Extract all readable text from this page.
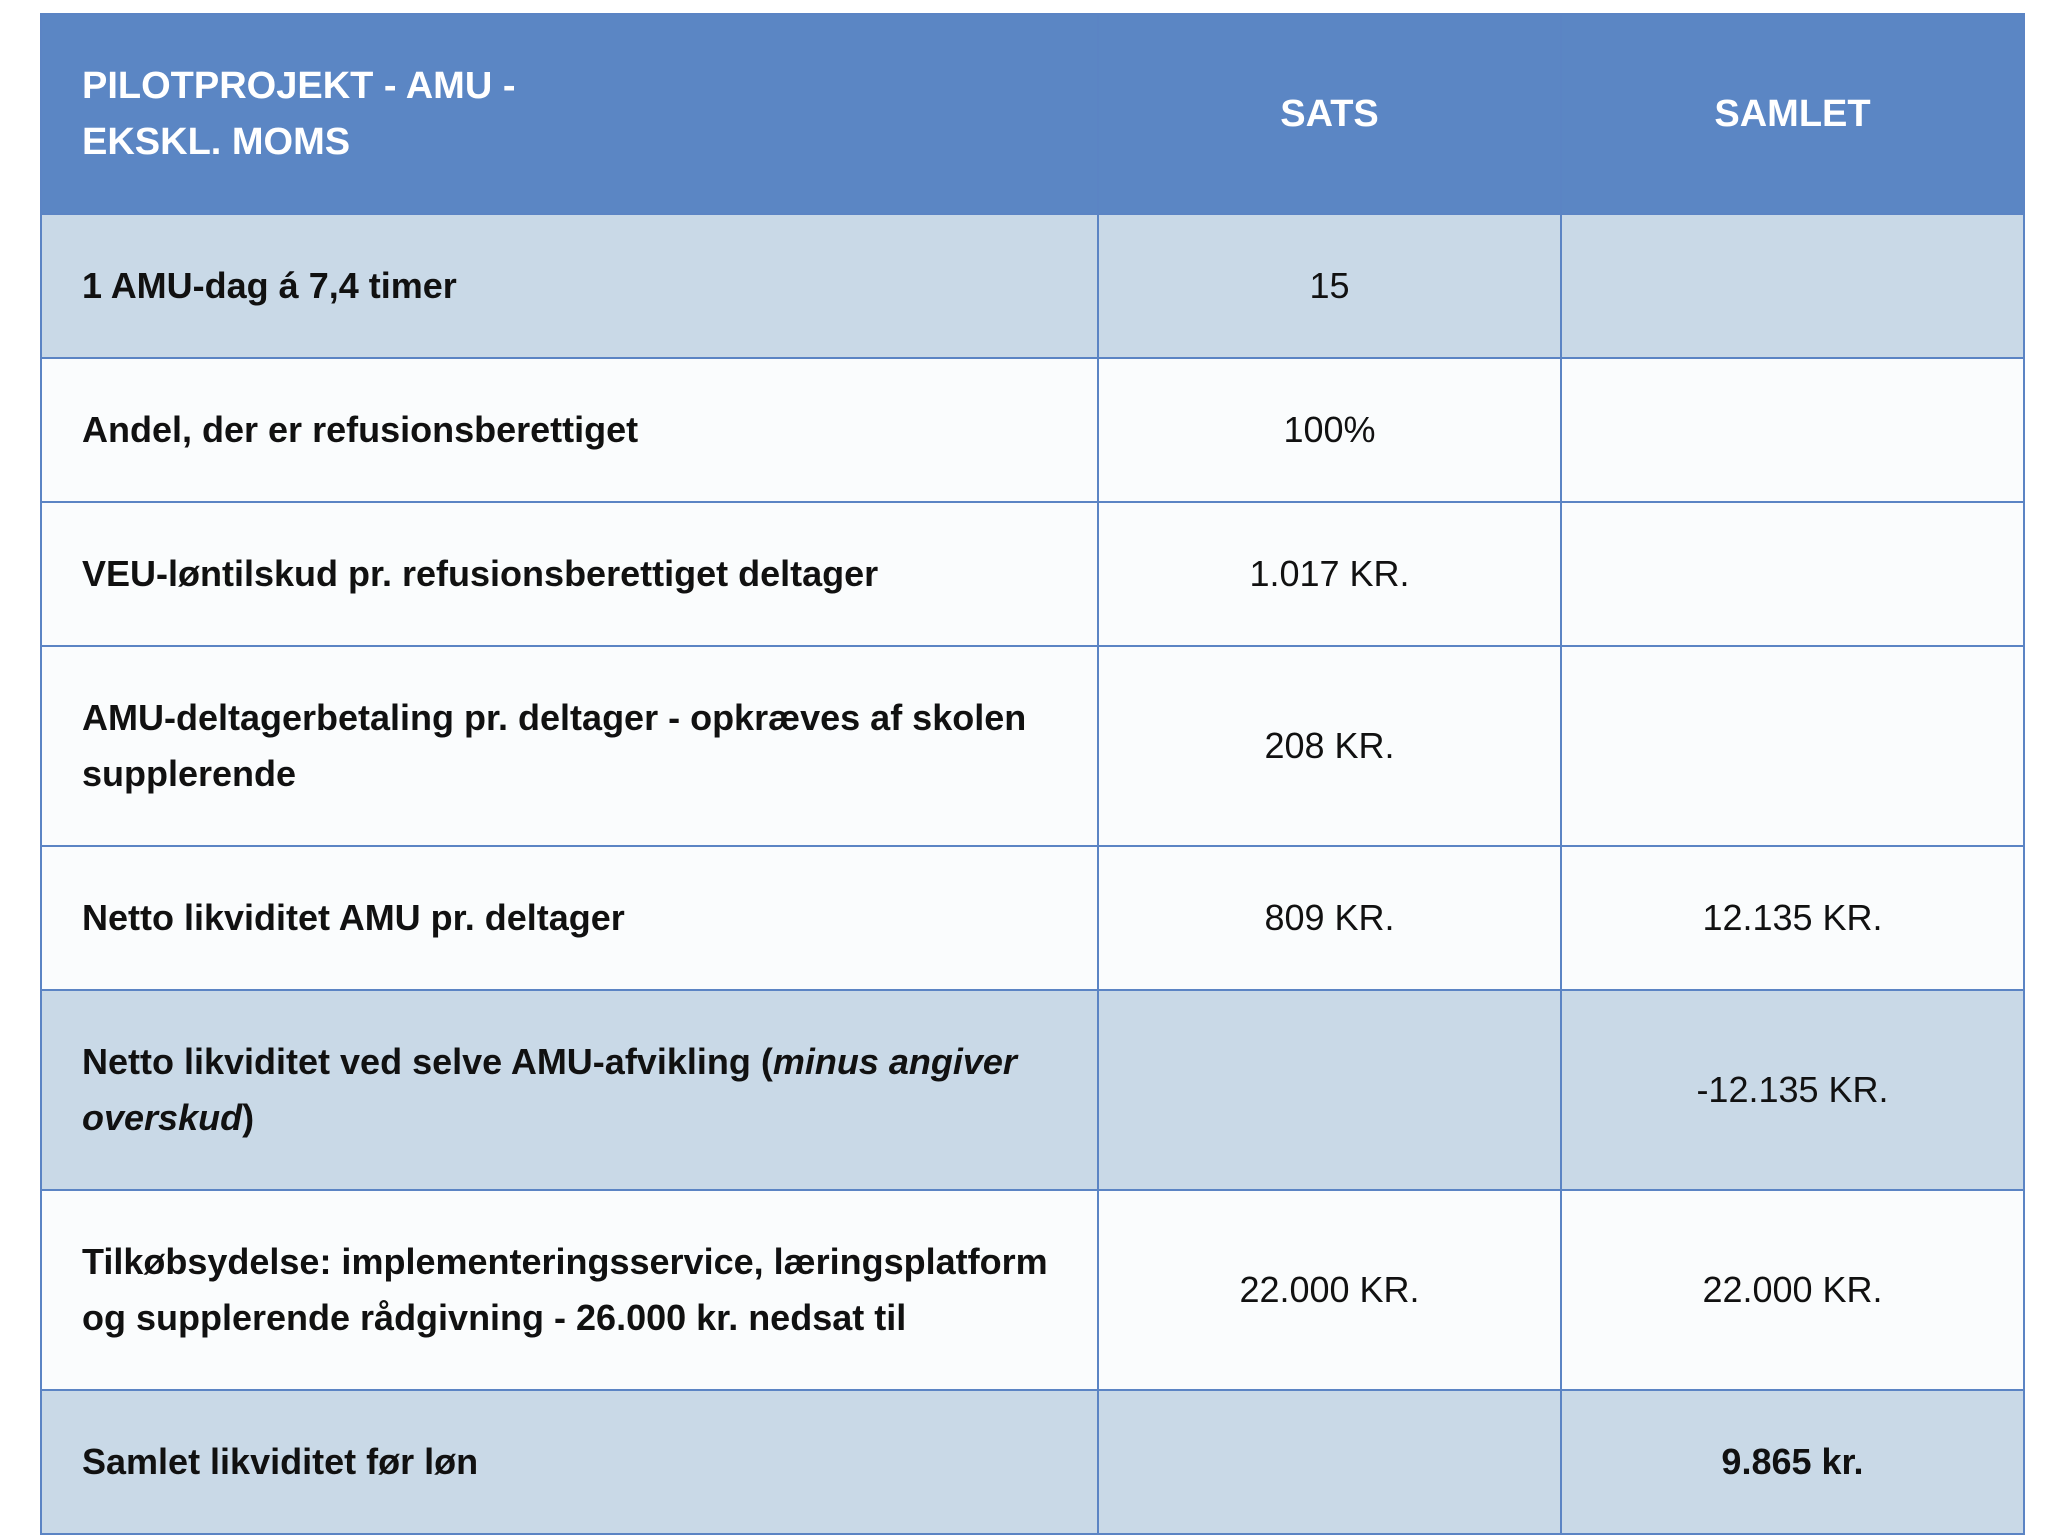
PILOTPROJEKT - AMU -
EKSKL. MOMS	SATS	SAMLET
1 AMU-dag á 7,4 timer	15	
Andel, der er refusionsberettiget	100%	
VEU-løntilskud pr. refusionsberettiget deltager	1.017 KR.	
AMU-deltagerbetaling pr. deltager - opkræves af skolen
supplerende	208 KR.	
Netto likviditet AMU pr. deltager	809 KR.	12.135 KR.
Netto likviditet ved selve AMU-afvikling (minus angiver
overskud)		-12.135 KR.
Tilkøbsydelse: implementeringsservice, læringsplatform
og supplerende rådgivning - 26.000 kr. nedsat til	22.000 KR.	22.000 KR.
Samlet likviditet før løn		9.865 kr.
